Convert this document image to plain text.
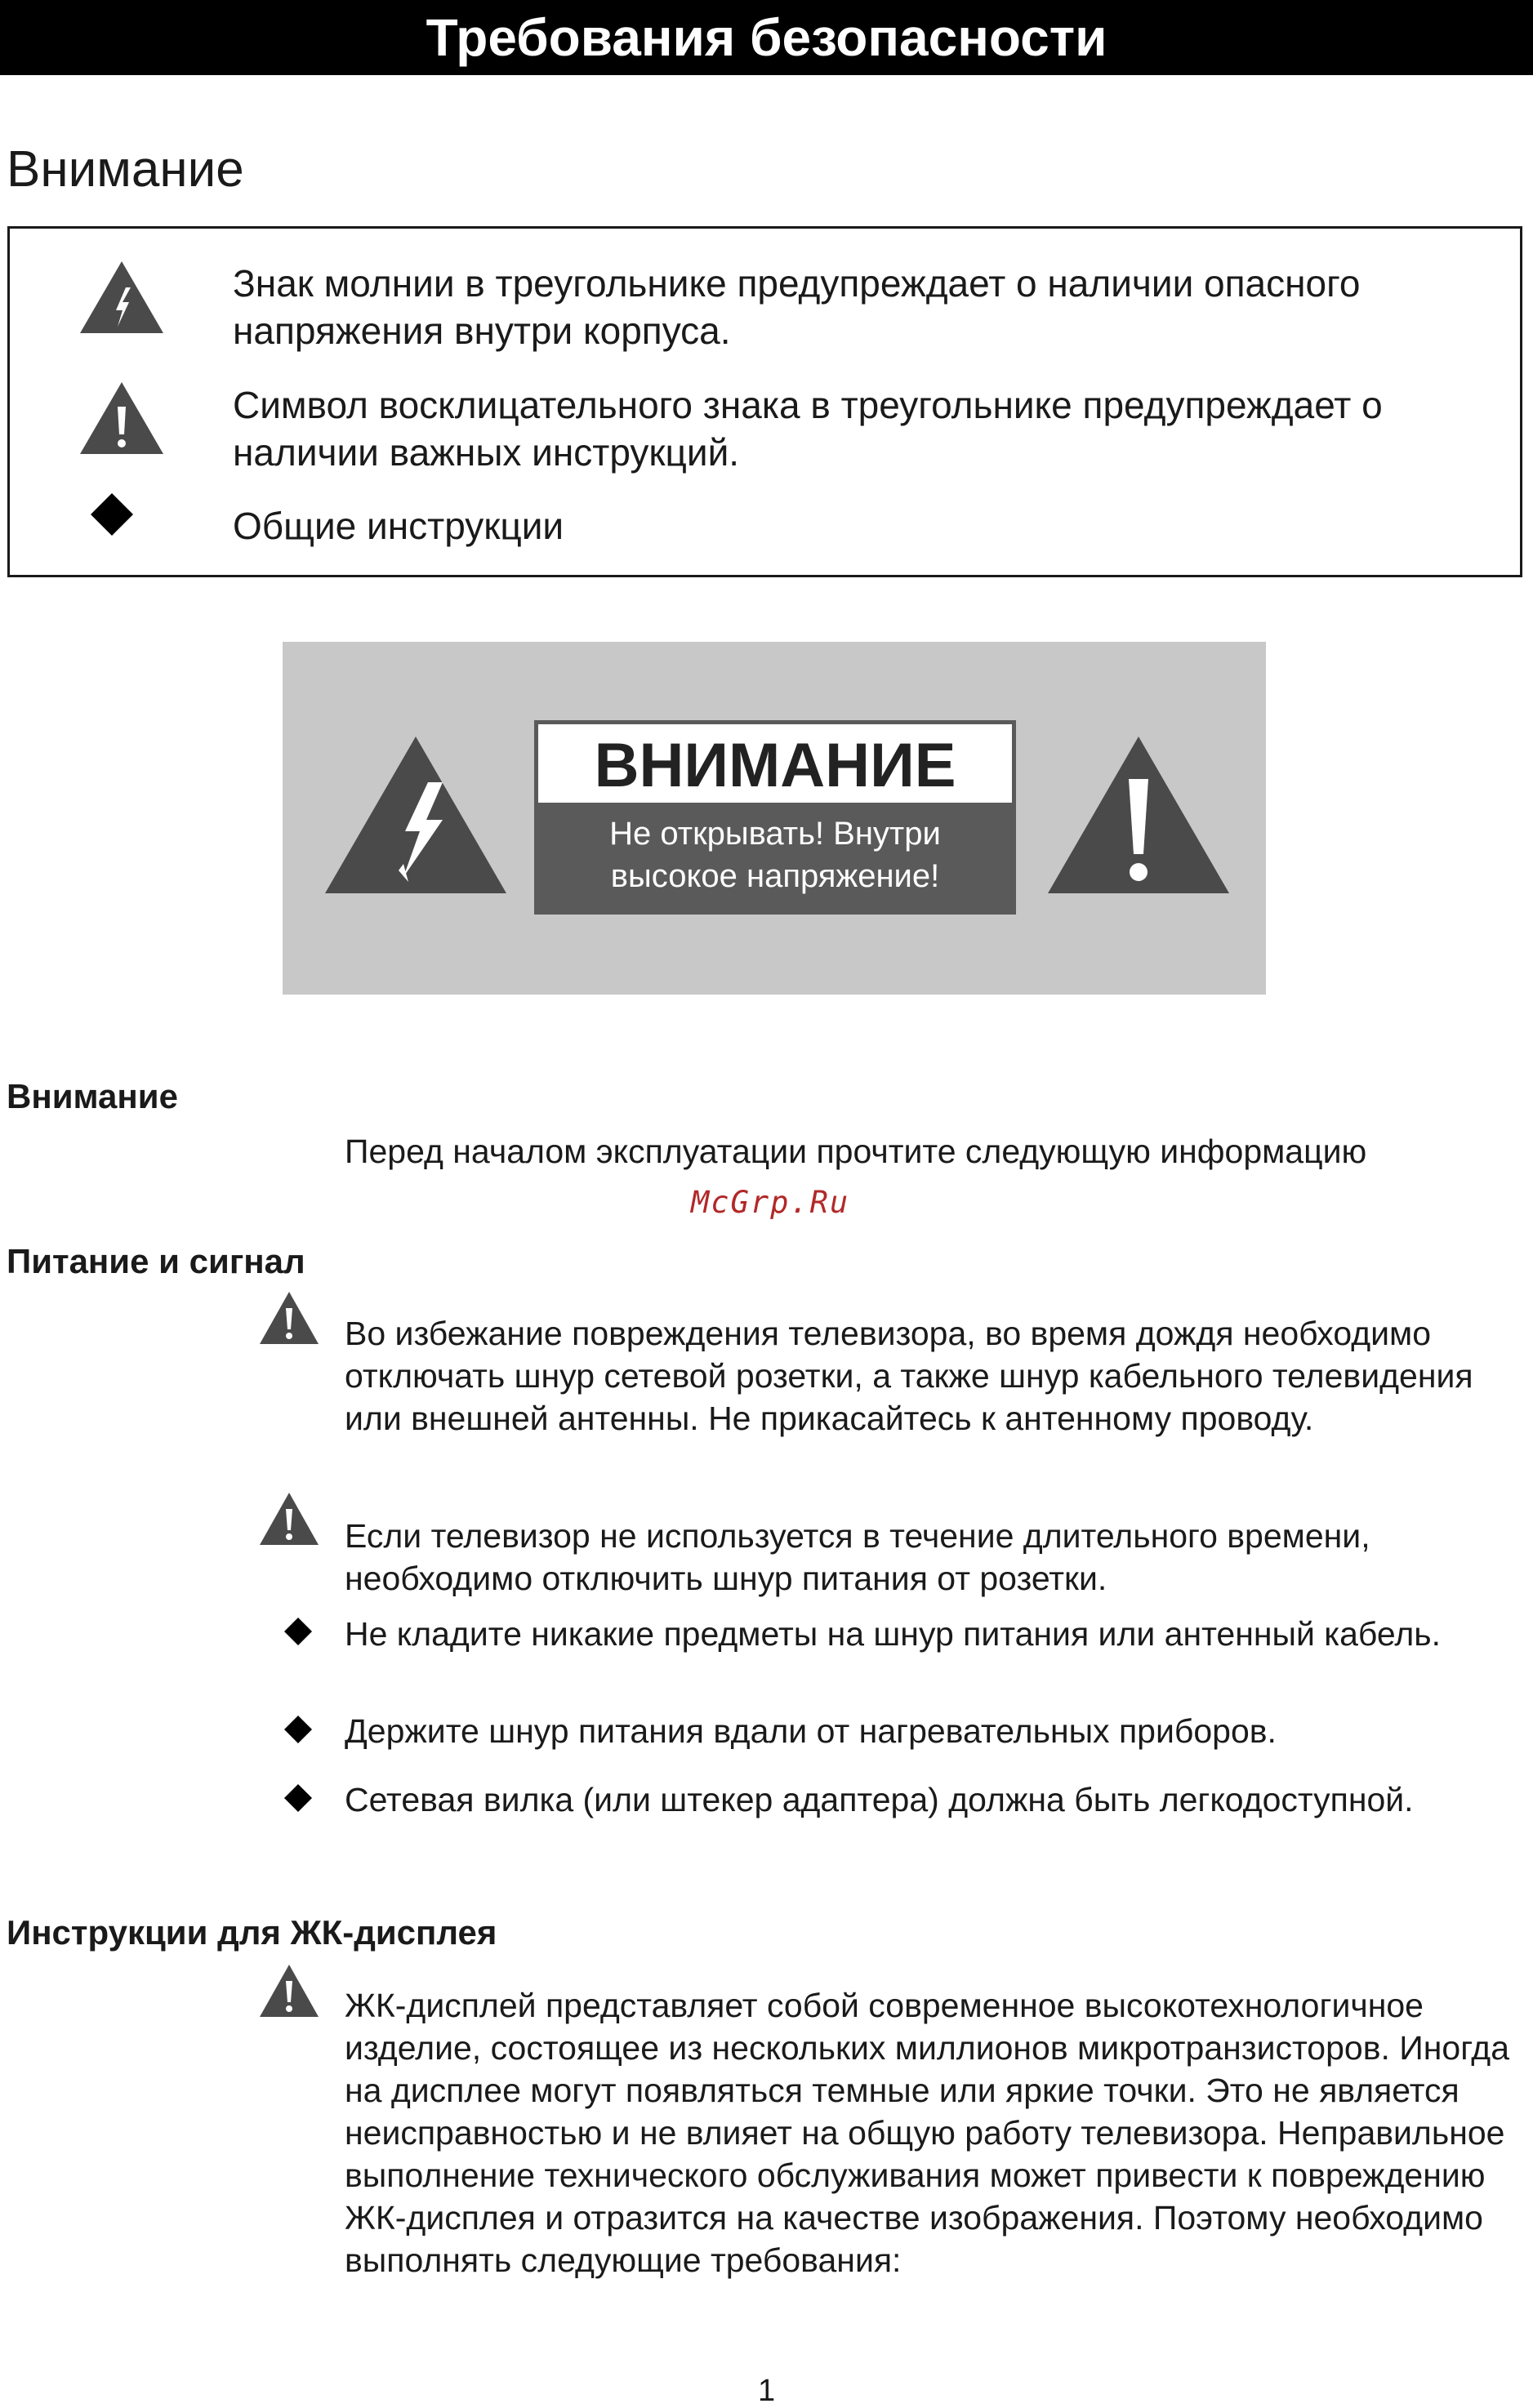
Требования безопасности
Внимание
Знак молнии в треугольнике предупреждает о наличии опасного напряжения внутри корпуса.
Символ восклицательного знака в треугольнике предупреждает о наличии важных инструкций.
Общие инструкции
ВНИМАНИЕ
Не открывать! Внутри
высокое напряжение!
Внимание
Перед началом эксплуатации прочтите следующую информацию
McGrp.Ru
Питание и сигнал
Во избежание повреждения телевизора, во время дождя необходимо отключать шнур сетевой розетки, а также шнур кабельного телевидения или внешней антенны. Не прикасайтесь к антенному проводу.
Если телевизор не используется в течение длительного времени, необходимо отключить шнур питания от розетки.
Не кладите никакие предметы на шнур питания или антенный кабель.
Держите шнур питания вдали от нагревательных приборов.
Сетевая вилка (или штекер адаптера) должна быть легкодоступной.
Инструкции для ЖК-дисплея
ЖК-дисплей представляет собой современное высокотехнологичное изделие, состоящее из нескольких миллионов микротранзисторов. Иногда на дисплее могут появляться темные или яркие точки. Это не является неисправностью и не влияет на общую работу телевизора. Неправильное выполнение технического обслуживания может привести к повреждению ЖК-дисплея и отразится на качестве изображения. Поэтому необходимо выполнять следующие требования:
1
